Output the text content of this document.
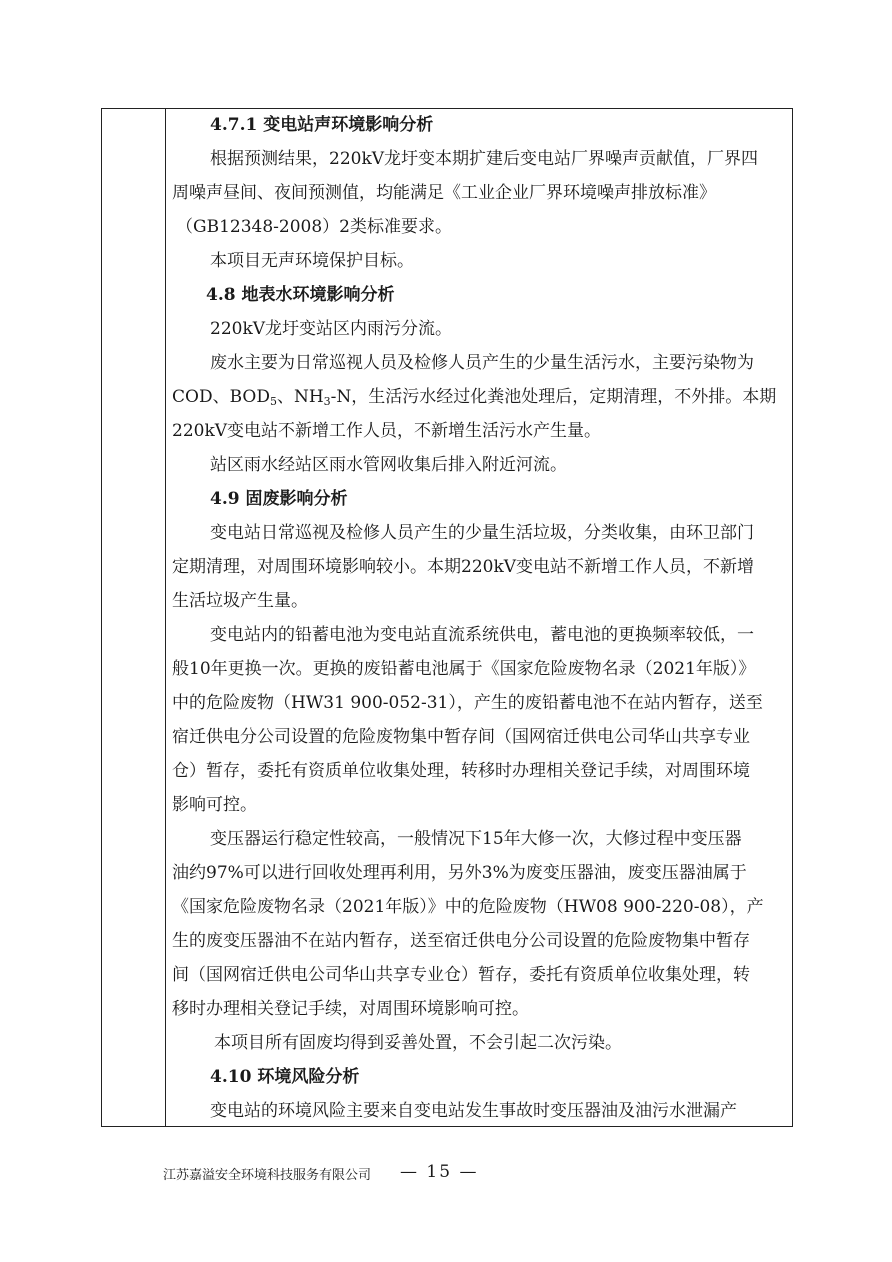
4.7.1 变电站声环境影响分析
根据预测结果，220kV龙圩变本期扩建后变电站厂界噪声贡献值，厂界四
周噪声昼间、夜间预测值，均能满足《工业企业厂界环境噪声排放标准》
（GB12348-2008）2类标准要求。
本项目无声环境保护目标。
4.8 地表水环境影响分析
220kV龙圩变站区内雨污分流。
废水主要为日常巡视人员及检修人员产生的少量生活污水，主要污染物为
COD、$BOD_5$、$NH_3-N$，生活污水经过化粪池处理后，定期清理，不外排。本期
220kV变电站不新增工作人员，不新增生活污水产生量。
站区雨水经站区雨水管网收集后排入附近河流。
4.9 固废影响分析
变电站日常巡视及检修人员产生的少量生活垃圾，分类收集，由环卫部门
定期清理，对周围环境影响较小。本期220kV变电站不新增工作人员，不新增
生活垃圾产生量。
变电站内的铅蓄电池为变电站直流系统供电，蓄电池的更换频率较低，一
般10年更换一次。更换的废铅蓄电池属于《国家危险废物名录（2021年版）》
中的危险废物（HW31 900-052-31），产生的废铅蓄电池不在站内暂存，送至
宿迁供电分公司设置的危险废物集中暂存间（国网宿迁供电公司华山共享专业
仓）暂存，委托有资质单位收集处理，转移时办理相关登记手续，对周围环境
影响可控。
变压器运行稳定性较高，一般情况下15年大修一次，大修过程中变压器
油约97%可以进行回收处理再利用，另外3%为废变压器油，废变压器油属于
《国家危险废物名录（2021年版）》中的危险废物（HW08 900-220-08），产
生的废变压器油不在站内暂存，送至宿迁供电分公司设置的危险废物集中暂存
间（国网宿迁供电公司华山共享专业仓）暂存，委托有资质单位收集处理，转
移时办理相关登记手续，对周围环境影响可控。
本项目所有固废均得到妥善处置，不会引起二次污染。
4.10 环境风险分析
变电站的环境风险主要来自变电站发生事故时变压器油及油污水泄漏产
江苏嘉溢安全环境科技服务有限公司 — 15 —
